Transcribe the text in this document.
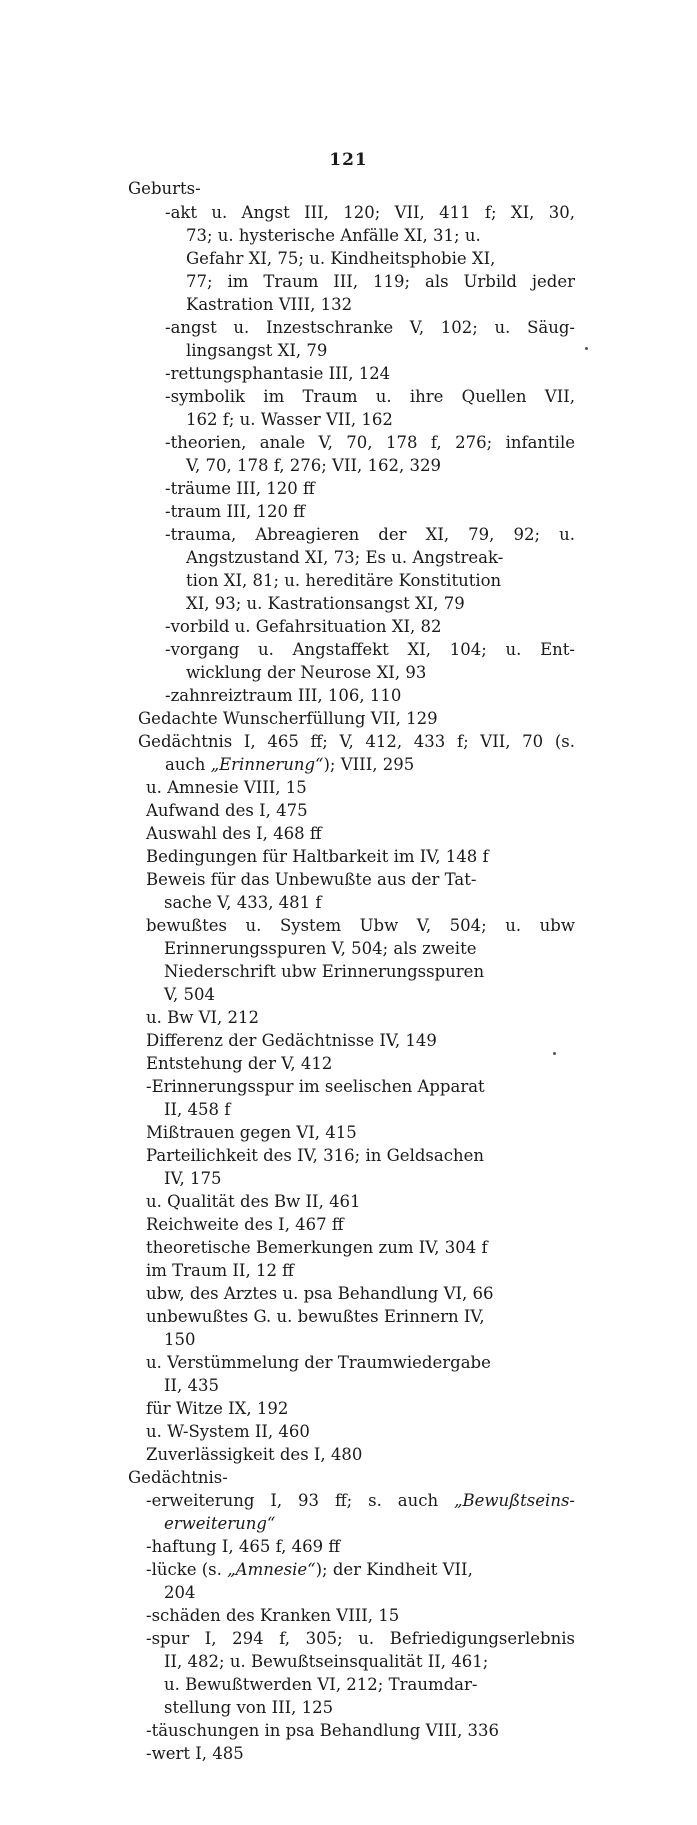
121
Geburts-
-akt u. Angst III, 120; VII, 411 f; XI, 30,
73; u. hysterische Anfälle XI, 31; u.
Gefahr XI, 75; u. Kindheitsphobie XI,
77; im Traum III, 119; als Urbild jeder
Kastration VIII, 132
-angst u. Inzestschranke V, 102; u. Säug-
lingsangst XI, 79
-rettungsphantasie III, 124
-symbolik im Traum u. ihre Quellen VII,
162 f; u. Wasser VII, 162
-theorien, anale V, 70, 178 f, 276; infantile
V, 70, 178 f, 276; VII, 162, 329
-träume III, 120 ff
-traum III, 120 ff
-trauma, Abreagieren der XI, 79, 92; u.
Angstzustand XI, 73; Es u. Angstreak-
tion XI, 81; u. hereditäre Konstitution
XI, 93; u. Kastrationsangst XI, 79
-vorbild u. Gefahrsituation XI, 82
-vorgang u. Angstaffekt XI, 104; u. Ent-
wicklung der Neurose XI, 93
-zahnreiztraum III, 106, 110
Gedachte Wunscherfüllung VII, 129
Gedächtnis I, 465 ff; V, 412, 433 f; VII, 70 (s.
auch „Erinnerung“); VIII, 295
u. Amnesie VIII, 15
Aufwand des I, 475
Auswahl des I, 468 ff
Bedingungen für Haltbarkeit im IV, 148 f
Beweis für das Unbewußte aus der Tat-
sache V, 433, 481 f
bewußtes u. System Ubw V, 504; u. ubw
Erinnerungsspuren V, 504; als zweite
Niederschrift ubw Erinnerungsspuren
V, 504
u. Bw VI, 212
Differenz der Gedächtnisse IV, 149
Entstehung der V, 412
-Erinnerungsspur im seelischen Apparat
II, 458 f
Mißtrauen gegen VI, 415
Parteilichkeit des IV, 316; in Geldsachen
IV, 175
u. Qualität des Bw II, 461
Reichweite des I, 467 ff
theoretische Bemerkungen zum IV, 304 f
im Traum II, 12 ff
ubw, des Arztes u. psa Behandlung VI, 66
unbewußtes G. u. bewußtes Erinnern IV,
150
u. Verstümmelung der Traumwiedergabe
II, 435
für Witze IX, 192
u. W-System II, 460
Zuverlässigkeit des I, 480
Gedächtnis-
-erweiterung I, 93 ff; s. auch „Bewußtseins-
erweiterung“
-haftung I, 465 f, 469 ff
-lücke (s. „Amnesie“); der Kindheit VII,
204
-schäden des Kranken VIII, 15
-spur I, 294 f, 305; u. Befriedigungserlebnis
II, 482; u. Bewußtseinsqualität II, 461;
u. Bewußtwerden VI, 212; Traumdar-
stellung von III, 125
-täuschungen in psa Behandlung VIII, 336
-wert I, 485
